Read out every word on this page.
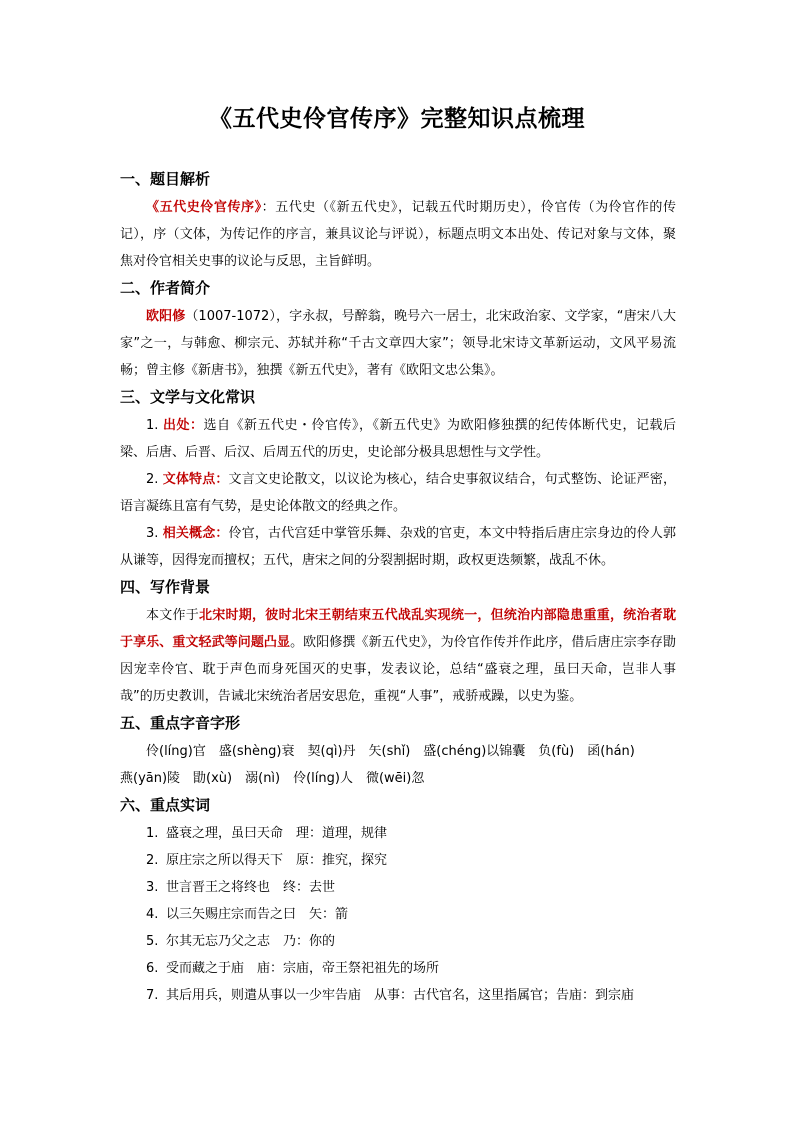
《五代史伶官传序》完整知识点梳理
一、题目解析

《五代史伶官传序》：五代史（《新五代史》，记载五代时期历史），伶官传（为伶官作的传记），序（文体，为传记作的序言，兼具议论与评说），标题点明文本出处、传记对象与文体，聚焦对伶官相关史事的议论与反思，主旨鲜明。

二、作者简介

欧阳修（1007-1072），字永叔，号醉翁，晚号六一居士，北宋政治家、文学家，“唐宋八大家”之一，与韩愈、柳宗元、苏轼并称“千古文章四大家”；领导北宋诗文革新运动，文风平易流畅；曾主修《新唐书》，独撰《新五代史》，著有《欧阳文忠公集》。

三、文学与文化常识

1. 出处：选自《新五代史・伶官传》，《新五代史》为欧阳修独撰的纪传体断代史，记载后梁、后唐、后晋、后汉、后周五代的历史，史论部分极具思想性与文学性。

2. 文体特点：文言文史论散文，以议论为核心，结合史事叙议结合，句式整饬、论证严密，语言凝练且富有气势，是史论体散文的经典之作。

3. 相关概念：伶官，古代宫廷中掌管乐舞、杂戏的官吏，本文中特指后唐庄宗身边的伶人郭从谦等，因得宠而擅权；五代，唐宋之间的分裂割据时期，政权更迭频繁，战乱不休。

四、写作背景

本文作于北宋时期，彼时北宋王朝结束五代战乱实现统一，但统治内部隐患重重，统治者耽于享乐、重文轻武等问题凸显。欧阳修撰《新五代史》，为伶官作传并作此序，借后唐庄宗李存勖因宠幸伶官、耽于声色而身死国灭的史事，发表议论，总结“盛衰之理，虽曰天命，岂非人事哉”的历史教训，告诫北宋统治者居安思危，重视“人事”，戒骄戒躁，以史为鉴。

五、重点字音字形

伶(líng)官　盛(shèng)衰　契(qì)丹　矢(shǐ)　盛(chéng)以锦囊　负(fù)　函(hán)

燕(yān)陵　勖(xù)　溺(nì)　伶(líng)人　微(wēi)忽

六、重点实词

1. 盛衰之理，虽曰天命　理：道理，规律

2. 原庄宗之所以得天下　原：推究，探究

3. 世言晋王之将终也　终：去世

4. 以三矢赐庄宗而告之曰　矢：箭

5. 尔其无忘乃父之志　乃：你的

6. 受而藏之于庙　庙：宗庙，帝王祭祀祖先的场所

7. 其后用兵，则遣从事以一少牢告庙　从事：古代官名，这里指属官；告庙：到宗庙
